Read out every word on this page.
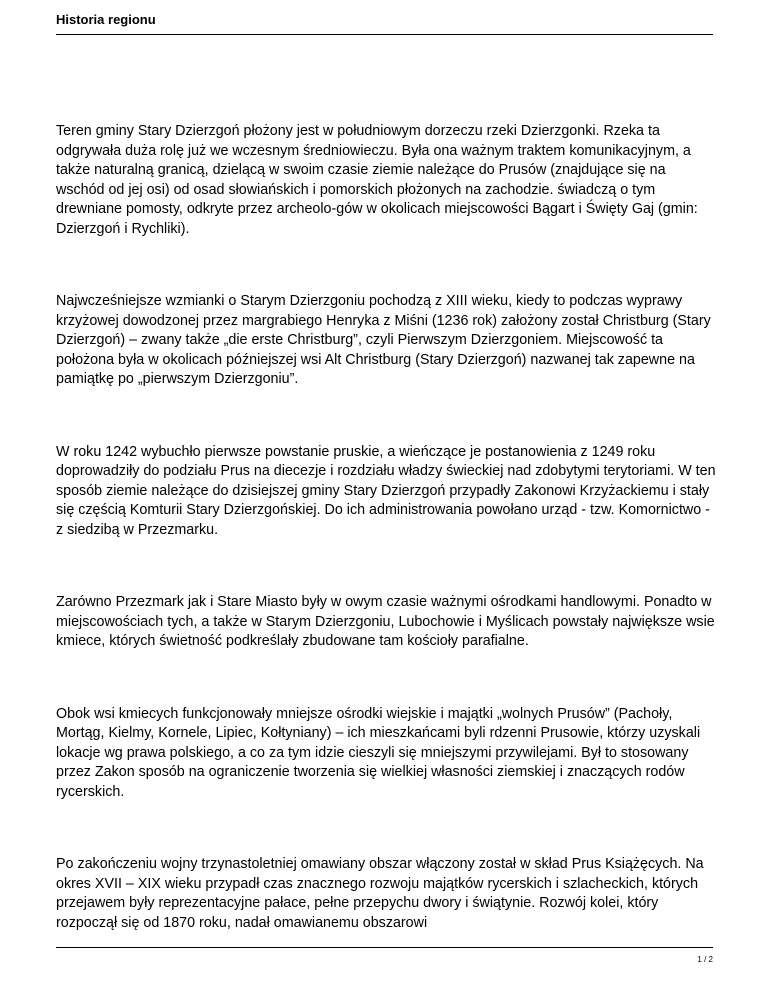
Historia regionu

Teren gminy Stary Dzierzgoń płożony jest w południowym dorzeczu rzeki Dzierzgonki. Rzeka ta odgrywała duża rolę już we wczesnym średniowieczu. Była ona ważnym traktem komunikacyjnym, a także naturalną granicą, dzielącą w swoim czasie ziemie należące do Prusów (znajdujące się na wschód od jej osi) od osad słowiańskich i pomorskich płożonych na zachodzie. świadczą o tym drewniane pomosty, odkryte przez archeolo-gów w okolicach miejscowości Bągart i Święty Gaj (gmin: Dzierzgoń i Rychliki).

Najwcześniejsze wzmianki o Starym Dzierzgoniu pochodzą z XIII wieku, kiedy to podczas wyprawy krzyżowej dowodzonej przez margrabiego Henryka z Miśni (1236 rok) założony został Christburg (Stary Dzierzgoń) – zwany także „die erste Christburg”, czyli Pierwszym Dzierzgoniem. Miejscowość ta położona była w okolicach późniejszej wsi Alt Christburg (Stary Dzierzgoń) nazwanej tak zapewne na pamiątkę po „pierwszym Dzierzgoniu”.

W roku 1242 wybuchło pierwsze powstanie pruskie, a wieńczące je postanowienia z 1249 roku doprowadziły do podziału Prus na diecezje i rozdziału władzy świeckiej nad zdobytymi terytoriami. W ten sposób ziemie należące do dzisiejszej gminy Stary Dzierzgoń przypadły Zakonowi Krzyżackiemu i stały się częścią Komturii Stary Dzierzgońskiej. Do ich administrowania powołano urząd - tzw. Komornictwo - z siedzibą w Przezmarku.

Zarówno Przezmark jak i Stare Miasto były w owym czasie ważnymi ośrodkami handlowymi. Ponadto w miejscowościach tych, a także w Starym Dzierzgoniu, Lubochowie i Myślicach powstały największe wsie kmiece, których świetność podkreślały zbudowane tam kościoły parafialne.

Obok wsi kmiecych funkcjonowały mniejsze ośrodki wiejskie i majątki „wolnych Prusów” (Pachoły, Mortąg, Kielmy, Kornele, Lipiec, Kołtyniany) – ich mieszkańcami byli rdzenni Prusowie, którzy uzyskali lokacje wg prawa polskiego, a co za tym idzie cieszyli się mniejszymi przywilejami. Był to stosowany przez Zakon sposób na ograniczenie tworzenia się wielkiej własności ziemskiej i znaczących rodów rycerskich.

Po zakończeniu wojny trzynastoletniej omawiany obszar włączony został w skład Prus Książęcych. Na okres XVII – XIX wieku przypadł czas znacznego rozwoju majątków rycerskich i szlacheckich, których przejawem były reprezentacyjne pałace, pełne przepychu dwory i świątynie. Rozwój kolei, który rozpoczął się od 1870 roku, nadał omawianemu obszarowi

1 / 2
